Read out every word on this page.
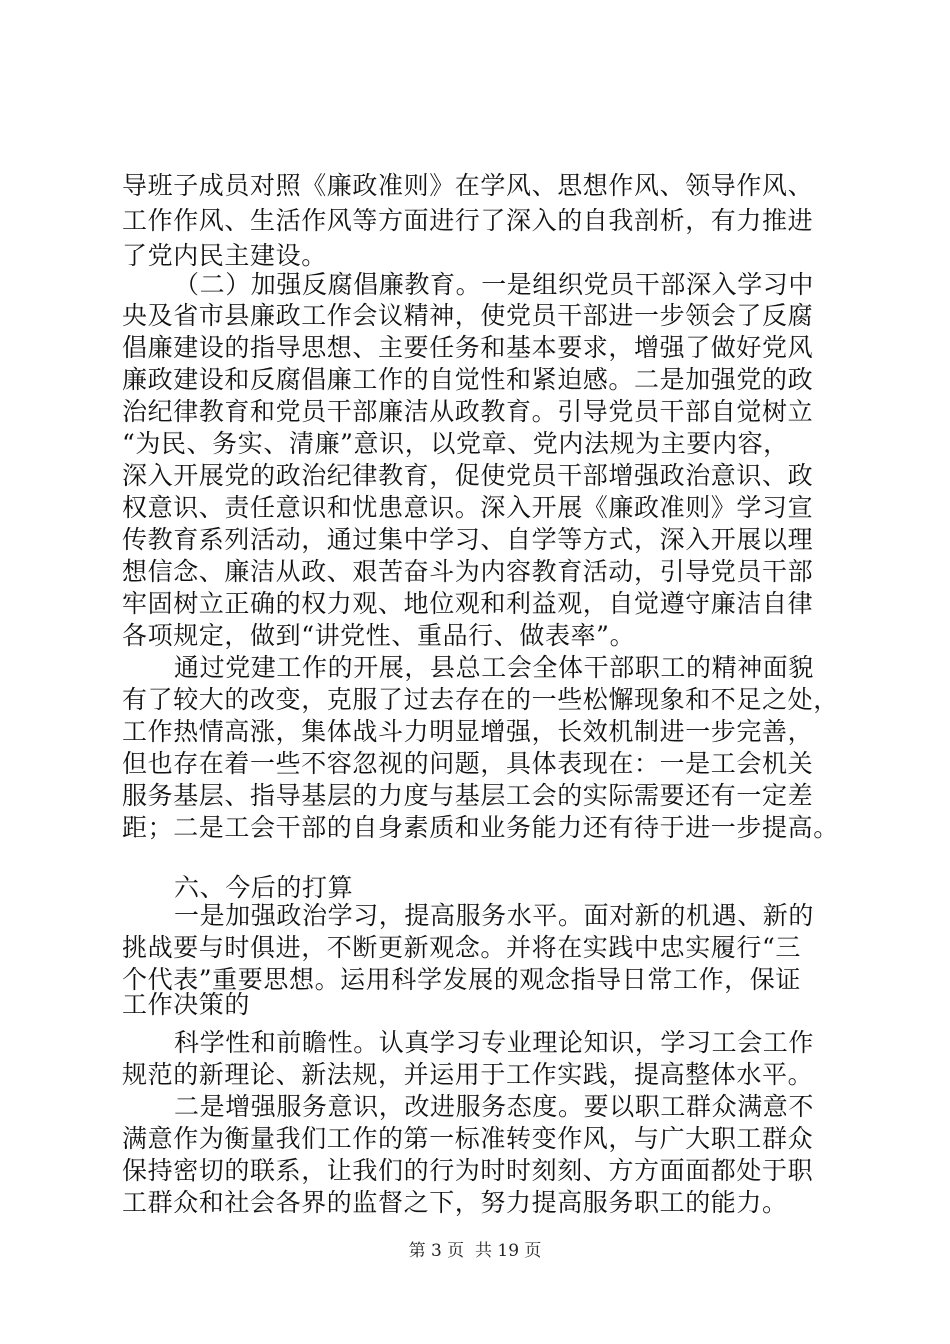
导班子成员对照《廉政准则》在学风、思想作风、领导作风、
工作作风、生活作风等方面进行了深入的自我剖析，有力推进
了党内民主建设。
（二）加强反腐倡廉教育。一是组织党员干部深入学习中
央及省市县廉政工作会议精神，使党员干部进一步领会了反腐
倡廉建设的指导思想、主要任务和基本要求，增强了做好党风
廉政建设和反腐倡廉工作的自觉性和紧迫感。二是加强党的政
治纪律教育和党员干部廉洁从政教育。引导党员干部自觉树立
“为民、务实、清廉”意识，以党章、党内法规为主要内容，
深入开展党的政治纪律教育，促使党员干部增强政治意识、政
权意识、责任意识和忧患意识。深入开展《廉政准则》学习宣
传教育系列活动，通过集中学习、自学等方式，深入开展以理
想信念、廉洁从政、艰苦奋斗为内容教育活动，引导党员干部
牢固树立正确的权力观、地位观和利益观，自觉遵守廉洁自律
各项规定，做到“讲党性、重品行、做表率”。
通过党建工作的开展，县总工会全体干部职工的精神面貌
有了较大的改变，克服了过去存在的一些松懈现象和不足之处，
工作热情高涨，集体战斗力明显增强，长效机制进一步完善，
但也存在着一些不容忽视的问题，具体表现在：一是工会机关
服务基层、指导基层的力度与基层工会的实际需要还有一定差
距；二是工会干部的自身素质和业务能力还有待于进一步提高。
六、今后的打算
一是加强政治学习，提高服务水平。面对新的机遇、新的
挑战要与时俱进，不断更新观念。并将在实践中忠实履行“三
个代表”重要思想。运用科学发展的观念指导日常工作，保证
工作决策的
科学性和前瞻性。认真学习专业理论知识，学习工会工作
规范的新理论、新法规，并运用于工作实践，提高整体水平。
二是增强服务意识，改进服务态度。要以职工群众满意不
满意作为衡量我们工作的第一标准转变作风，与广大职工群众
保持密切的联系，让我们的行为时时刻刻、方方面面都处于职
工群众和社会各界的监督之下，努力提高服务职工的能力。
第 3 页  共 19 页
